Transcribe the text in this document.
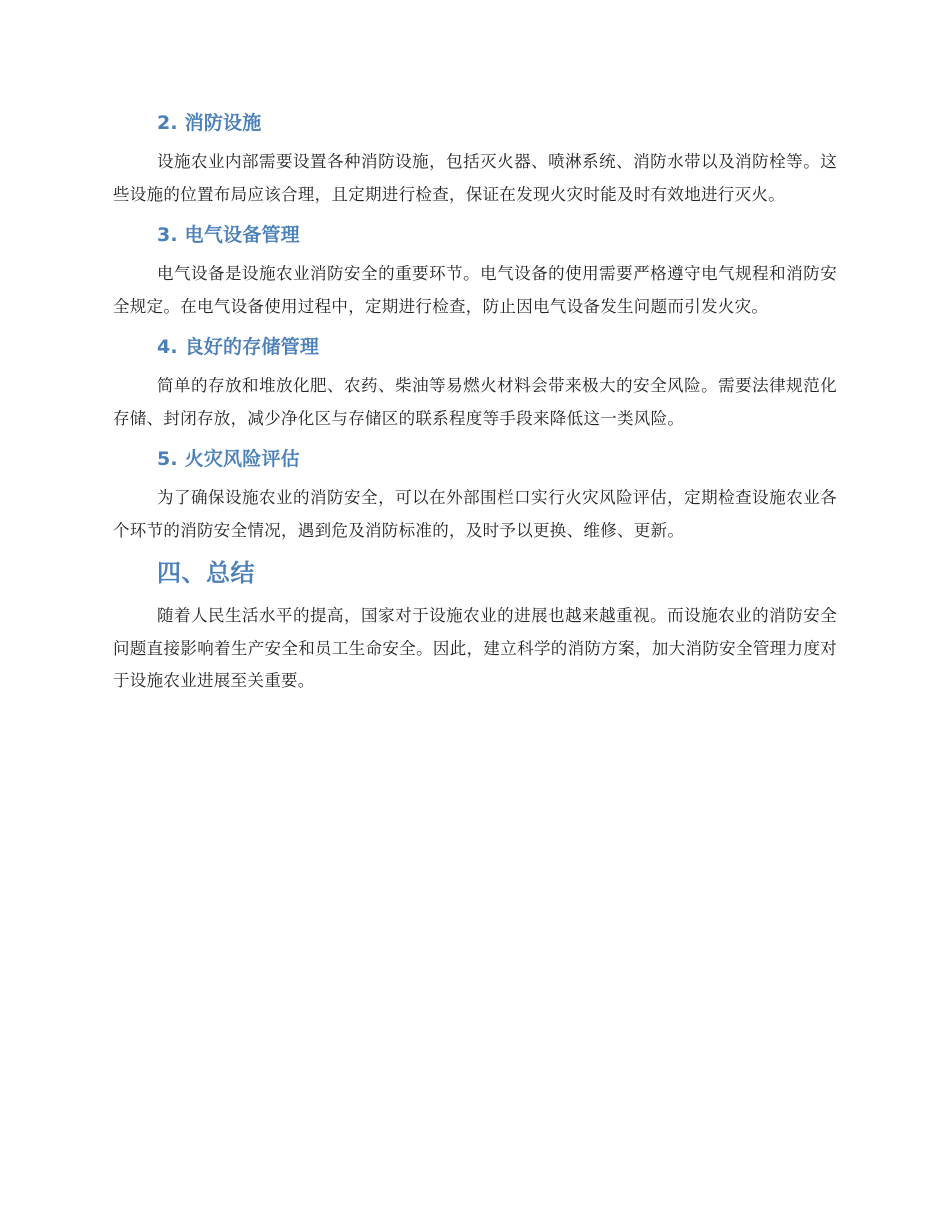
2. 消防设施
设施农业内部需要设置各种消防设施，包括灭火器、喷淋系统、消防水带以及消防栓等。这些设施的位置布局应该合理，且定期进行检查，保证在发现火灾时能及时有效地进行灭火。
3. 电气设备管理
电气设备是设施农业消防安全的重要环节。电气设备的使用需要严格遵守电气规程和消防安全规定。在电气设备使用过程中，定期进行检查，防止因电气设备发生问题而引发火灾。
4. 良好的存储管理
简单的存放和堆放化肥、农药、柴油等易燃火材料会带来极大的安全风险。需要法律规范化存储、封闭存放，减少净化区与存储区的联系程度等手段来降低这一类风险。
5. 火灾风险评估
为了确保设施农业的消防安全，可以在外部围栏口实行火灾风险评估，定期检查设施农业各个环节的消防安全情况，遇到危及消防标准的，及时予以更换、维修、更新。
四、总结
随着人民生活水平的提高，国家对于设施农业的进展也越来越重视。而设施农业的消防安全问题直接影响着生产安全和员工生命安全。因此，建立科学的消防方案，加大消防安全管理力度对于设施农业进展至关重要。
